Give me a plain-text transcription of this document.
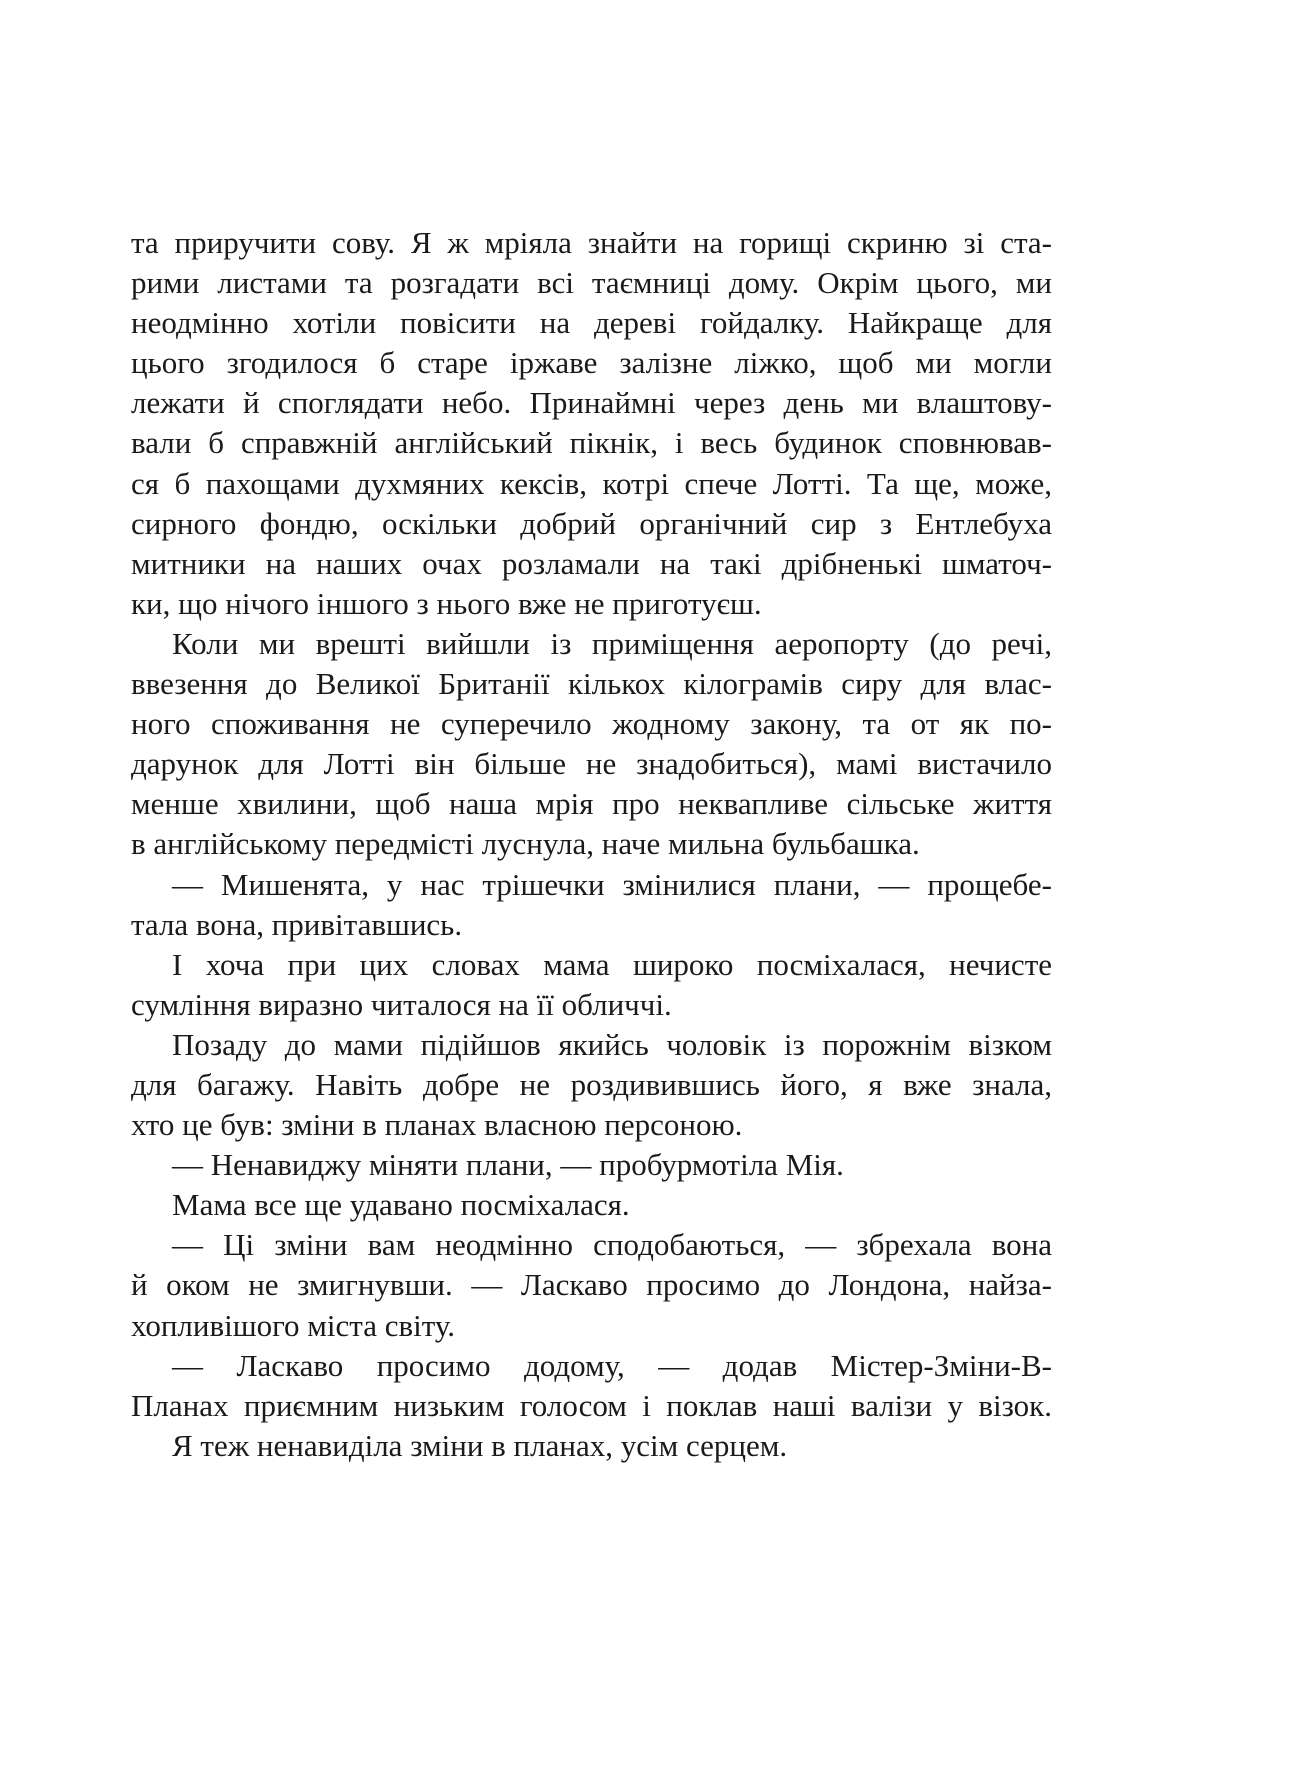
та приручити сову. Я ж мріяла знайти на горищі скриню зі ста-
рими листами та розгадати всі таємниці дому. Окрім цього, ми
неодмінно хотіли повісити на дереві гойдалку. Найкраще для
цього згодилося б старе іржаве залізне ліжко, щоб ми могли
лежати й споглядати небо. Принаймні через день ми влаштову-
вали б справжній англійський пікнік, і весь будинок сповнював-
ся б пахощами духмяних кексів, котрі спече Лотті. Та ще, може,
сирного фондю, оскільки добрий органічний сир з Ентлебуха
митники на наших очах розламали на такі дрібненькі шматоч-
ки, що нічого іншого з нього вже не приготуєш.
Коли ми врешті вийшли із приміщення аеропорту (до речі,
ввезення до Великої Британії кількох кілограмів сиру для влас-
ного споживання не суперечило жодному закону, та от як по-
дарунок для Лотті він більше не знадобиться), мамі вистачило
менше хвилини, щоб наша мрія про неквапливе сільське життя
в англійському передмісті луснула, наче мильна бульбашка.
— Мишенята, у нас трішечки змінилися плани, — прощебе-
тала вона, привітавшись.
І хоча при цих словах мама широко посміхалася, нечисте
сумління виразно читалося на її обличчі.
Позаду до мами підійшов якийсь чоловік із порожнім візком
для багажу. Навіть добре не роздивившись його, я вже знала,
хто це був: зміни в планах власною персоною.
— Ненавиджу міняти плани, — пробурмотіла Мія.
Мама все ще удавано посміхалася.
— Ці зміни вам неодмінно сподобаються, — збрехала вона
й оком не змигнувши. — Ласкаво просимо до Лондона, найза-
хопливішого міста світу.
— Ласкаво просимо додому, — додав Містер-Зміни-В-
Планах приємним низьким голосом і поклав наші валізи у візок.
Я теж ненавиділа зміни в планах, усім серцем.
